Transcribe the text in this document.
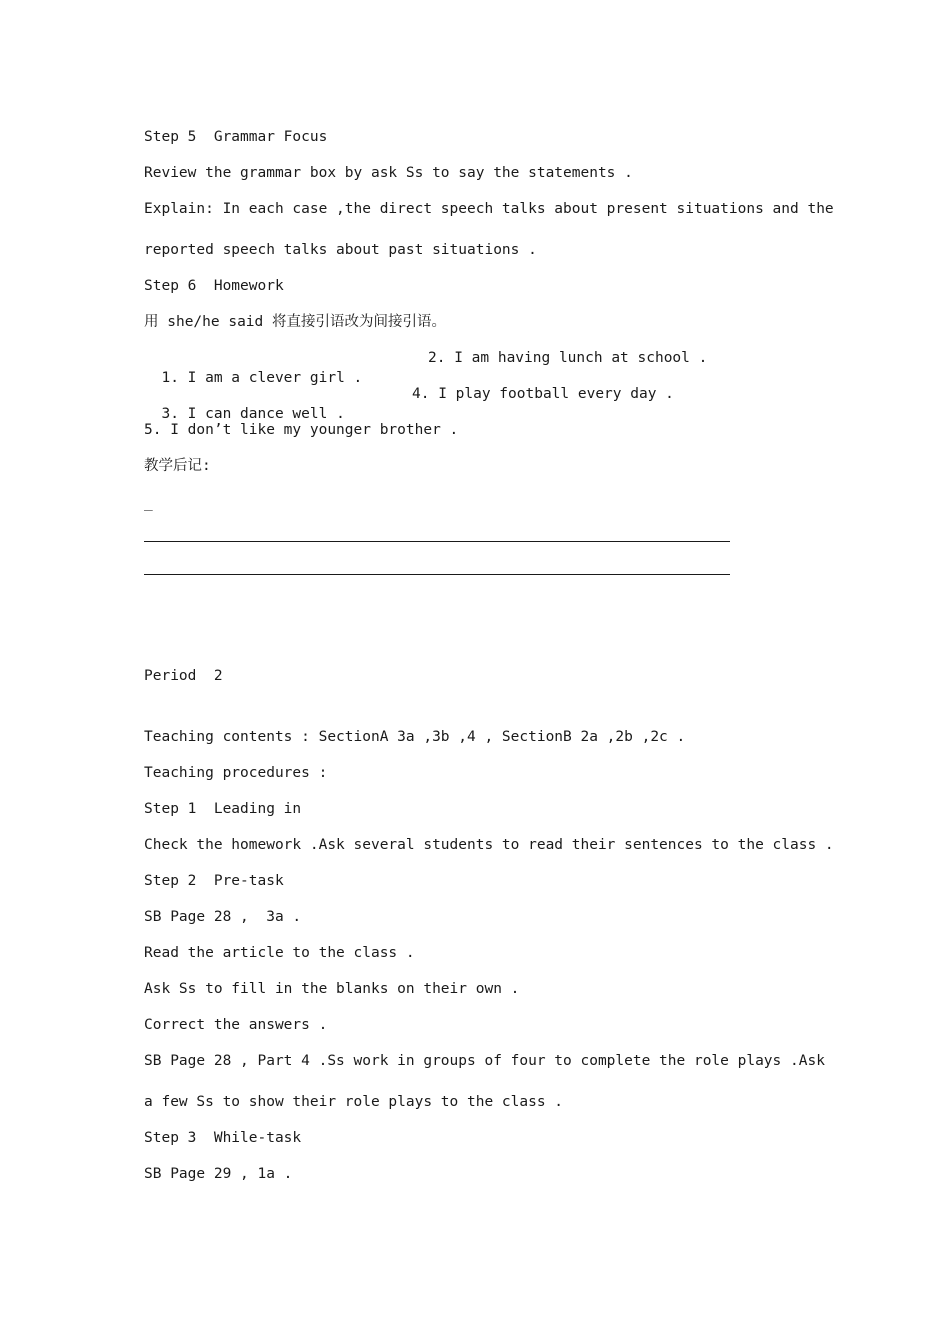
Step 5  Grammar Focus
Review the grammar box by ask Ss to say the statements .
Explain: In each case ,the direct speech talks about present situations and the
reported speech talks about past situations .
Step 6  Homework
用 she/he said 将直接引语改为间接引语。

1. I am a clever girl .

2. I am having lunch at school .

3. I can dance well .

4. I play football every day .

5. I don’t like my younger brother .
教学后记:
_
Period  2
Teaching contents : SectionA 3a ,3b ,4 , SectionB 2a ,2b ,2c .
Teaching procedures :
Step 1  Leading in
Check the homework .Ask several students to read their sentences to the class .
Step 2  Pre-task
SB Page 28 ,  3a .
Read the article to the class .
Ask Ss to fill in the blanks on their own .
Correct the answers .
SB Page 28 , Part 4 .Ss work in groups of four to complete the role plays .Ask
a few Ss to show their role plays to the class .
Step 3  While-task
SB Page 29 , 1a .
